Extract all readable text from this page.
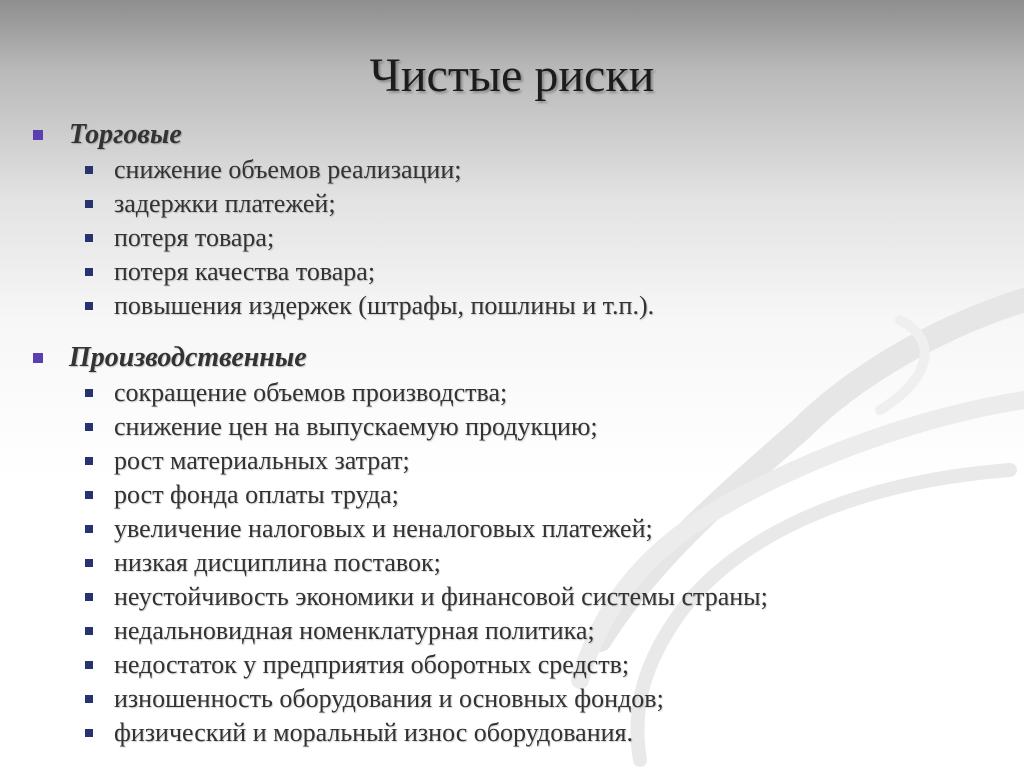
Чистые риски
Торговые
снижение объемов реализации;
задержки платежей;
потеря товара;
потеря качества товара;
повышения издержек (штрафы, пошлины и т.п.).
Производственные
сокращение объемов производства;
снижение цен на выпускаемую продукцию;
рост материальных затрат;
рост фонда оплаты труда;
увеличение налоговых и неналоговых платежей;
низкая дисциплина поставок;
неустойчивость экономики и финансовой системы страны;
недальновидная номенклатурная политика;
недостаток у предприятия оборотных средств;
изношенность оборудования и основных фондов;
физический и моральный износ оборудования.
